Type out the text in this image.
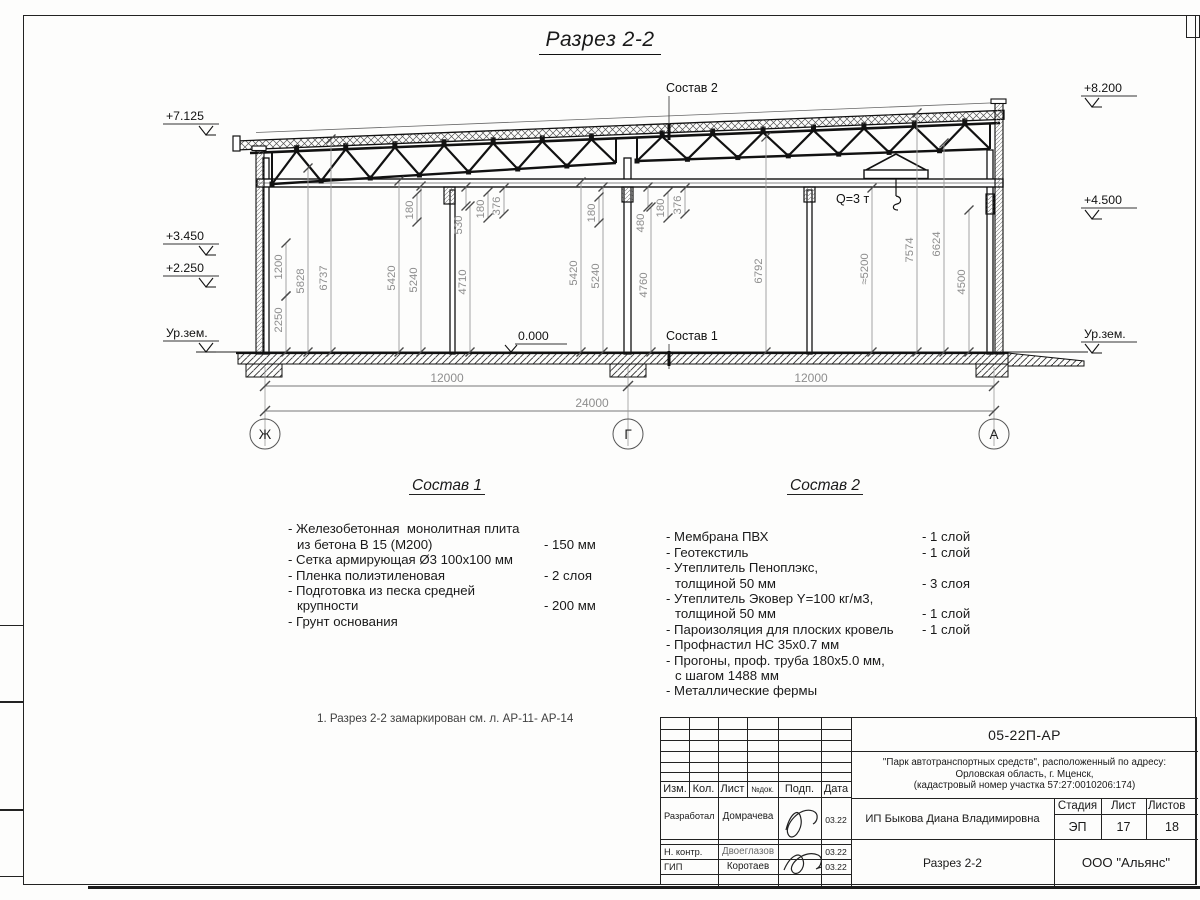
Разрез 2-2
1200
2250
5828 6737	5420 5240
180
530
4710
180 376
5420 5240
180
480
4760
180 376
6792	≈5200
7574 6624
4500
12000	12000
24000
Ж	Г	А
+7.125
+3.450
+2.250
Ур.зем.
+8.200
+4.500
Ур.зем.
0.000
Состав 2
Состав 1
Q=3 т
Состав 1
- Железобетонная  монолитная плита
из бетона В 15 (М200)	- 150 мм
- Сетка армирующая Ø3 100х100 мм
- Пленка полиэтиленовая	- 2 слоя
- Подготовка из песка средней
крупности	- 200 мм
- Грунт основания
Состав 2
- Мембрана ПВХ	- 1 слой
- Геотекстиль	- 1 слой
- Утеплитель Пеноплэкс,
толщиной 50 мм	- 3 слоя
- Утеплитель Эковер Y=100 кг/м3,
толщиной 50 мм	- 1 слой
- Пароизоляция для плоских кровель	- 1 слой
- Профнастил НС 35х0.7 мм
- Прогоны, проф. труба 180х5.0 мм,
с шагом 1488 мм
- Металлические фермы
1. Разрез 2-2 замаркирован см. л. АР-11- АР-14
Изм. Кол. Лист №док. Подп. Дата
Разработал Домрачева	03.22
Н. контр.	Двоеглазов	03.22
ГИП	Коротаев	03.22
05-22П-АР
"Парк автотранспортных средств", расположенный по адресу:
Орловская область, г. Мценск,
(кадастровый номер участка 57:27:0010206:174)
ИП Быкова Диана Владимировна
Стадия	Лист	Листов
ЭП	17	18
Разрез 2-2	ООО "Альянс"
